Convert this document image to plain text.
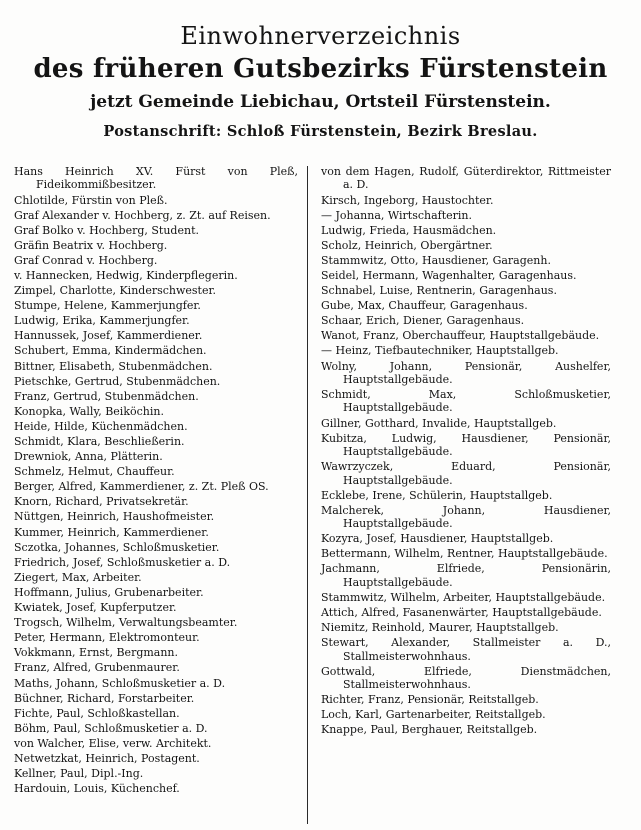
Einwohnerverzeichnis
des früheren Gutsbezirks Fürstenstein
jetzt Gemeinde Liebichau, Ortsteil Fürstenstein.
Postanschrift: Schloß Fürstenstein, Bezirk Breslau.

Hans Heinrich XV. Fürst von Pleß, Fideikommißbesitzer.

Chlotilde, Fürstin von Pleß.

Graf Alexander v. Hochberg, z. Zt. auf Reisen.

Graf Bolko v. Hochberg, Student.

Gräfin Beatrix v. Hochberg.

Graf Conrad v. Hochberg.

v. Hannecken, Hedwig, Kinderpflegerin.

Zimpel, Charlotte, Kinderschwester.

Stumpe, Helene, Kammerjungfer.

Ludwig, Erika, Kammerjungfer.

Hannussek, Josef, Kammerdiener.

Schubert, Emma, Kindermädchen.

Bittner, Elisabeth, Stubenmädchen.

Pietschke, Gertrud, Stubenmädchen.

Franz, Gertrud, Stubenmädchen.

Konopka, Wally, Beiköchin.

Heide, Hilde, Küchenmädchen.

Schmidt, Klara, Beschließerin.

Drewniok, Anna, Plätterin.

Schmelz, Helmut, Chauffeur.

Berger, Alfred, Kammerdiener, z. Zt. Pleß OS.

Knorn, Richard, Privatsekretär.

Nüttgen, Heinrich, Haushofmeister.

Kummer, Heinrich, Kammerdiener.

Sczotka, Johannes, Schloßmusketier.

Friedrich, Josef, Schloßmusketier a. D.

Ziegert, Max, Arbeiter.

Hoffmann, Julius, Grubenarbeiter.

Kwiatek, Josef, Kupferputzer.

Trogsch, Wilhelm, Verwaltungsbeamter.

Peter, Hermann, Elektromonteur.

Vokkmann, Ernst, Bergmann.

Franz, Alfred, Grubenmaurer.

Maths, Johann, Schloßmusketier a. D.

Büchner, Richard, Forstarbeiter.

Fichte, Paul, Schloßkastellan.

Böhm, Paul, Schloßmusketier a. D.

von Walcher, Elise, verw. Architekt.

Netwetzkat, Heinrich, Postagent.

Kellner, Paul, Dipl.-Ing.

Hardouin, Louis, Küchenchef.

von dem Hagen, Rudolf, Güterdirektor, Rittmeister a. D.

Kirsch, Ingeborg, Haustochter.

— Johanna, Wirtschafterin.

Ludwig, Frieda, Hausmädchen.

Scholz, Heinrich, Obergärtner.

Stammwitz, Otto, Hausdiener, Garagenh.

Seidel, Hermann, Wagenhalter, Garagenhaus.

Schnabel, Luise, Rentnerin, Garagenhaus.

Gube, Max, Chauffeur, Garagenhaus.

Schaar, Erich, Diener, Garagenhaus.

Wanot, Franz, Oberchauffeur, Hauptstallgebäude.

— Heinz, Tiefbautechniker, Hauptstallgeb.

Wolny, Johann, Pensionär, Aushelfer, Hauptstallgebäude.

Schmidt, Max, Schloßmusketier, Hauptstallgebäude.

Gillner, Gotthard, Invalide, Hauptstallgeb.

Kubitza, Ludwig, Hausdiener, Pensionär, Hauptstallgebäude.

Wawrzyczek, Eduard, Pensionär, Hauptstallgebäude.

Ecklebe, Irene, Schülerin, Hauptstallgeb.

Malcherek, Johann, Hausdiener, Hauptstallgebäude.

Kozyra, Josef, Hausdiener, Hauptstallgeb.

Bettermann, Wilhelm, Rentner, Hauptstallgebäude.

Jachmann, Elfriede, Pensionärin, Hauptstallgebäude.

Stammwitz, Wilhelm, Arbeiter, Hauptstallgebäude.

Attich, Alfred, Fasanenwärter, Hauptstallgebäude.

Niemitz, Reinhold, Maurer, Hauptstallgeb.

Stewart, Alexander, Stallmeister a. D., Stallmeisterwohnhaus.

Gottwald, Elfriede, Dienstmädchen, Stallmeisterwohnhaus.

Richter, Franz, Pensionär, Reitstallgeb.

Loch, Karl, Gartenarbeiter, Reitstallgeb.

Knappe, Paul, Berghauer, Reitstallgeb.
